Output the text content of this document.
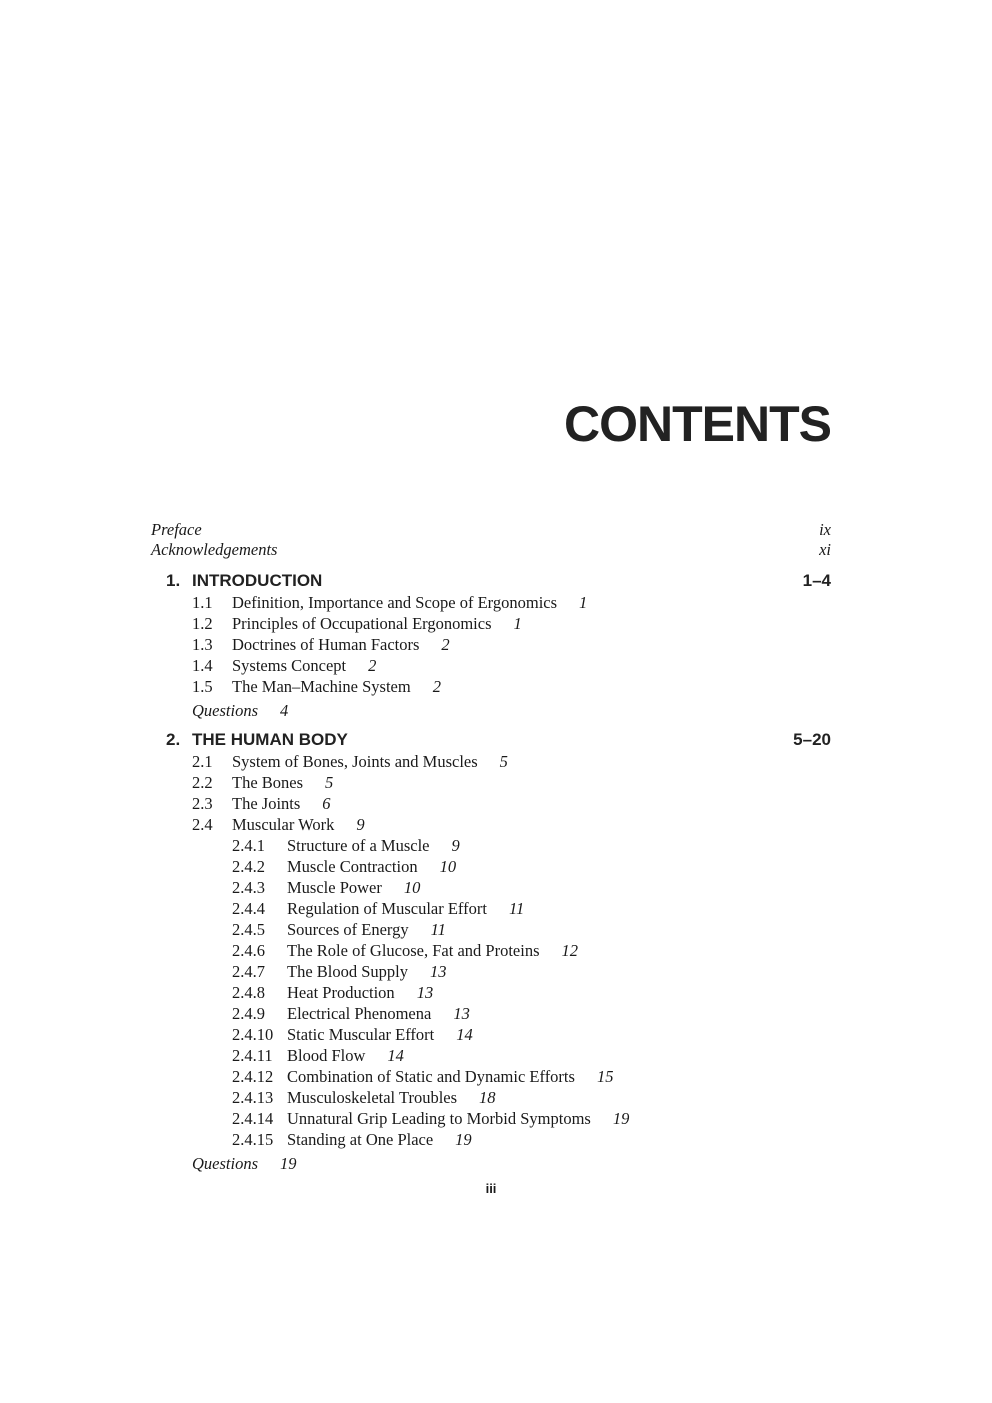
CONTENTS
Preface	ix
Acknowledgements	xi
1. INTRODUCTION	1–4
1.1	Definition, Importance and Scope of Ergonomics 1
1.2	Principles of Occupational Ergonomics 1
1.3	Doctrines of Human Factors 2
1.4	Systems Concept 2
1.5	The Man–Machine System 2
Questions 4
2. THE HUMAN BODY	5–20
2.1	System of Bones, Joints and Muscles 5
2.2	The Bones 5
2.3	The Joints 6
2.4	Muscular Work 9
2.4.1	Structure of a Muscle 9
2.4.2	Muscle Contraction 10
2.4.3	Muscle Power 10
2.4.4	Regulation of Muscular Effort 11
2.4.5	Sources of Energy 11
2.4.6	The Role of Glucose, Fat and Proteins 12
2.4.7	The Blood Supply 13
2.4.8	Heat Production 13
2.4.9	Electrical Phenomena 13
2.4.10 Static Muscular Effort 14
2.4.11 Blood Flow 14
2.4.12 Combination of Static and Dynamic Efforts 15
2.4.13 Musculoskeletal Troubles 18
2.4.14 Unnatural Grip Leading to Morbid Symptoms 19
2.4.15 Standing at One Place 19
Questions 19
iii
